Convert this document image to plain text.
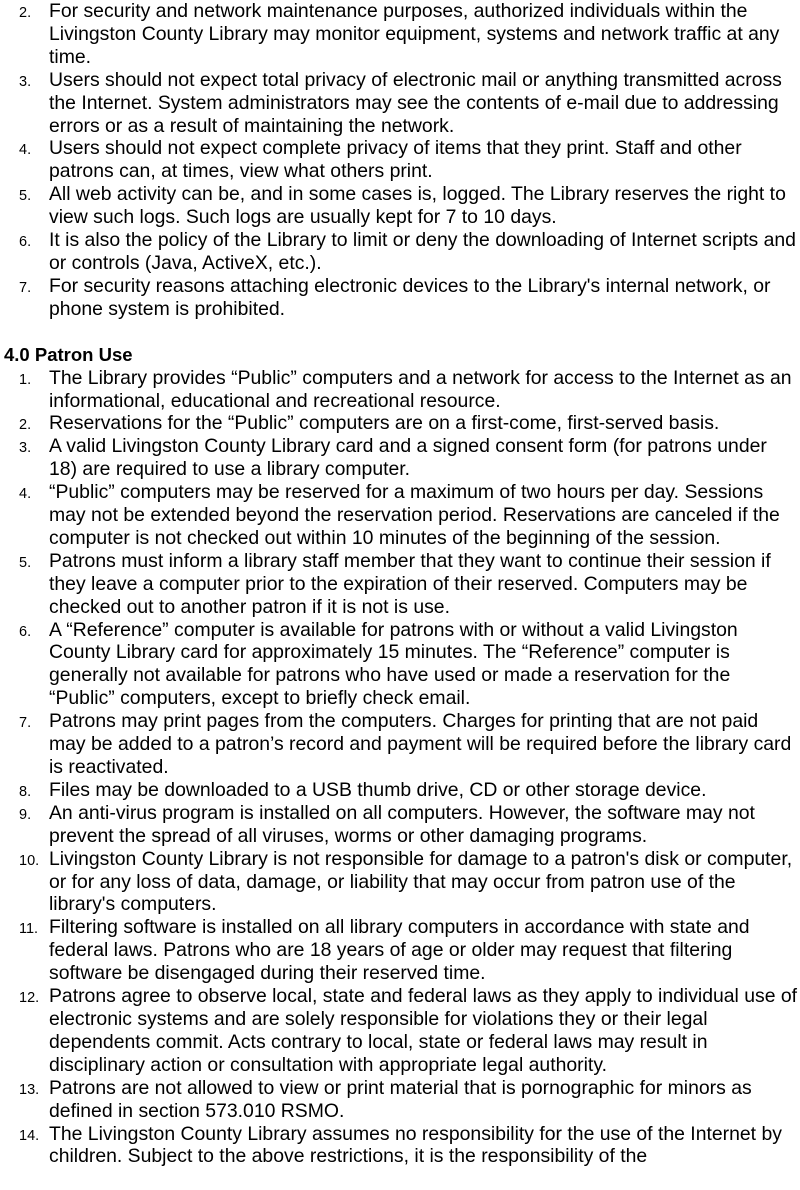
2. For security and network maintenance purposes, authorized individuals within the Livingston County Library may monitor equipment, systems and network traffic at any time.
3. Users should not expect total privacy of electronic mail or anything transmitted across the Internet. System administrators may see the contents of e-mail due to addressing errors or as a result of maintaining the network.
4. Users should not expect complete privacy of items that they print. Staff and other patrons can, at times, view what others print.
5. All web activity can be, and in some cases is, logged. The Library reserves the right to view such logs. Such logs are usually kept for 7 to 10 days.
6. It is also the policy of the Library to limit or deny the downloading of Internet scripts and or controls (Java, ActiveX, etc.).
7. For security reasons attaching electronic devices to the Library's internal network, or phone system is prohibited.
4.0 Patron Use
1. The Library provides “Public” computers and a network for access to the Internet as an informational, educational and recreational resource.
2. Reservations for the “Public” computers are on a first-come, first-served basis.
3. A valid Livingston County Library card and a signed consent form (for patrons under 18) are required to use a library computer.
4. “Public” computers may be reserved for a maximum of two hours per day. Sessions may not be extended beyond the reservation period. Reservations are canceled if the computer is not checked out within 10 minutes of the beginning of the session.
5. Patrons must inform a library staff member that they want to continue their session if they leave a computer prior to the expiration of their reserved. Computers may be checked out to another patron if it is not is use.
6. A “Reference” computer is available for patrons with or without a valid Livingston County Library card for approximately 15 minutes. The “Reference” computer is generally not available for patrons who have used or made a reservation for the “Public” computers, except to briefly check email.
7. Patrons may print pages from the computers. Charges for printing that are not paid may be added to a patron’s record and payment will be required before the library card is reactivated.
8. Files may be downloaded to a USB thumb drive, CD or other storage device.
9. An anti-virus program is installed on all computers. However, the software may not prevent the spread of all viruses, worms or other damaging programs.
10. Livingston County Library is not responsible for damage to a patron's disk or computer, or for any loss of data, damage, or liability that may occur from patron use of the library's computers.
11. Filtering software is installed on all library computers in accordance with state and federal laws. Patrons who are 18 years of age or older may request that filtering software be disengaged during their reserved time.
12. Patrons agree to observe local, state and federal laws as they apply to individual use of electronic systems and are solely responsible for violations they or their legal dependents commit. Acts contrary to local, state or federal laws may result in disciplinary action or consultation with appropriate legal authority.
13. Patrons are not allowed to view or print material that is pornographic for minors as defined in section 573.010 RSMO.
14. The Livingston County Library assumes no responsibility for the use of the Internet by children. Subject to the above restrictions, it is the responsibility of the
